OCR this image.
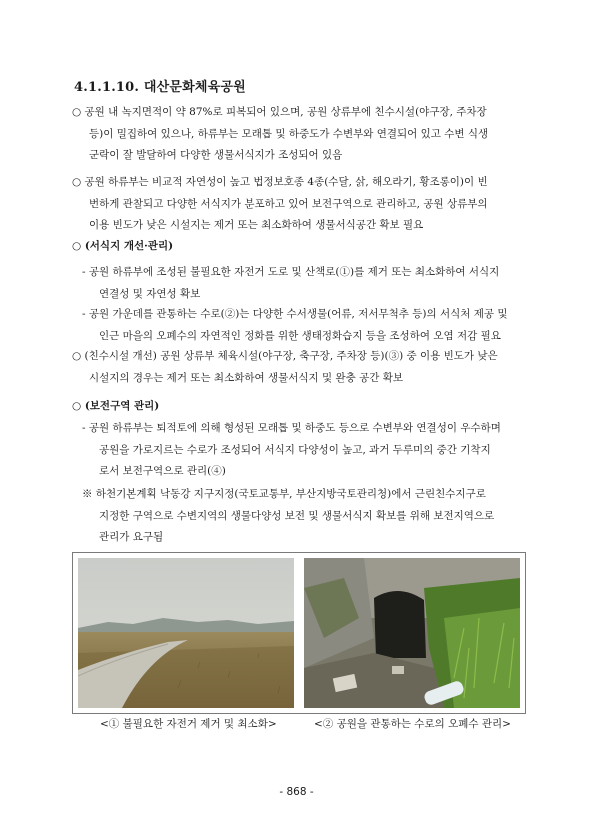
4.1.1.10. 대산문화체육공원
○ 공원 내 녹지면적이 약 87%로 피복되어 있으며, 공원 상류부에 친수시설(야구장, 주차장
등)이 밀집하여 있으나, 하류부는 모래톱 및 하중도가 수변부와 연결되어 있고 수변 식생
군락이 잘 발달하여 다양한 생물서식지가 조성되어 있음
○ 공원 하류부는 비교적 자연성이 높고 법정보호종 4종(수달, 삵, 해오라기, 황조롱이)이 빈
번하게 관찰되고 다양한 서식지가 분포하고 있어 보전구역으로 관리하고, 공원 상류부의
이용 빈도가 낮은 시설지는 제거 또는 최소화하여 생물서식공간 확보 필요
○ (서식지 개선·관리)
- 공원 하류부에 조성된 불필요한 자전거 도로 및 산책로(①)를 제거 또는 최소화하여 서식지
연결성 및 자연성 확보
- 공원 가운데를 관통하는 수로(②)는 다양한 수서생물(어류, 저서무척추 등)의 서식처 제공 및
인근 마을의 오폐수의 자연적인 정화를 위한 생태정화습지 등을 조성하여 오염 저감 필요
○ (친수시설 개선) 공원 상류부 체육시설(야구장, 축구장, 주차장 등)(③) 중 이용 빈도가 낮은
시설지의 경우는 제거 또는 최소화하여 생물서식지 및 완충 공간 확보
○ (보전구역 관리)
- 공원 하류부는 퇴적토에 의해 형성된 모래톱 및 하중도 등으로 수변부와 연결성이 우수하며
공원을 가로지르는 수로가 조성되어 서식지 다양성이 높고, 과거 두루미의 중간 기착지
로서 보전구역으로 관리(④)
※ 하천기본계획 낙동강 지구지정(국토교통부, 부산지방국토관리청)에서 근린친수지구로
지정한 구역으로 수변지역의 생물다양성 보전 및 생물서식지 확보를 위해 보전지역으로
관리가 요구됨
<① 불필요한 자전거 제거 및 최소화>	<② 공원을 관통하는 수로의 오폐수 관리>
- 868 -
